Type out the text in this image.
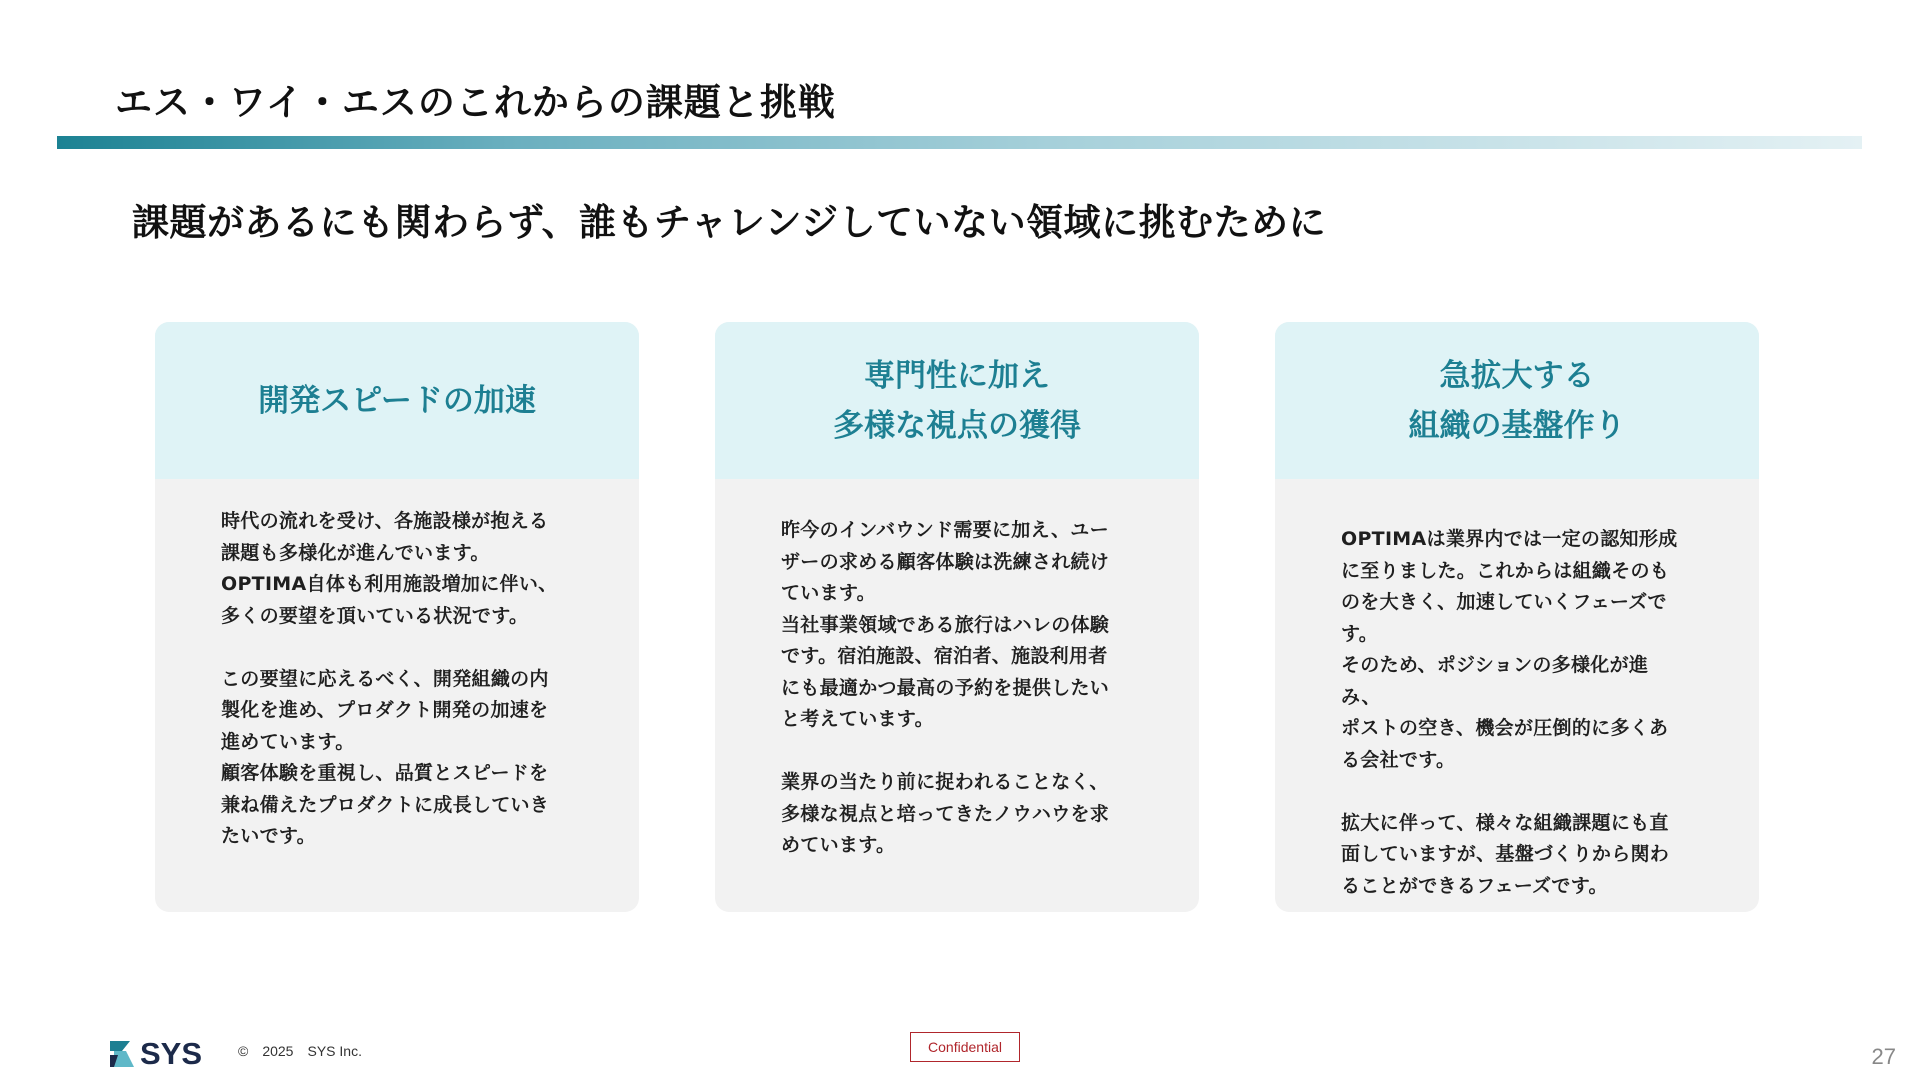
エス・ワイ・エスのこれからの課題と挑戦
課題があるにも関わらず、誰もチャレンジしていない領域に挑むために
開発スピードの加速

時代の流れを受け、各施設様が抱える

課題も多様化が進んでいます。

OPTIMA自体も利用施設増加に伴い、

多くの要望を頂いている状況です。

この要望に応えるべく、開発組織の内

製化を進め、プロダクト開発の加速を

進めています。

顧客体験を重視し、品質とスピードを

兼ね備えたプロダクトに成長していき

たいです。

専門性に加え
多様な視点の獲得

昨今のインバウンド需要に加え、ユー

ザーの求める顧客体験は洗練され続け

ています。

当社事業領域である旅行はハレの体験

です。宿泊施設、宿泊者、施設利用者

にも最適かつ最高の予約を提供したい

と考えています。

業界の当たり前に捉われることなく、

多様な視点と培ってきたノウハウを求

めています。

急拡大する
組織の基盤作り

OPTIMAは業界内では一定の認知形成

に至りました。これからは組織そのも

のを大きく、加速していくフェーズで

す。

そのため、ポジションの多様化が進み、

ポストの空き、機会が圧倒的に多くあ

る会社です。

拡大に伴って、様々な組織課題にも直

面していますが、基盤づくりから関わ

ることができるフェーズです。

SYS	© 2025 SYS Inc.	Confidential	27
